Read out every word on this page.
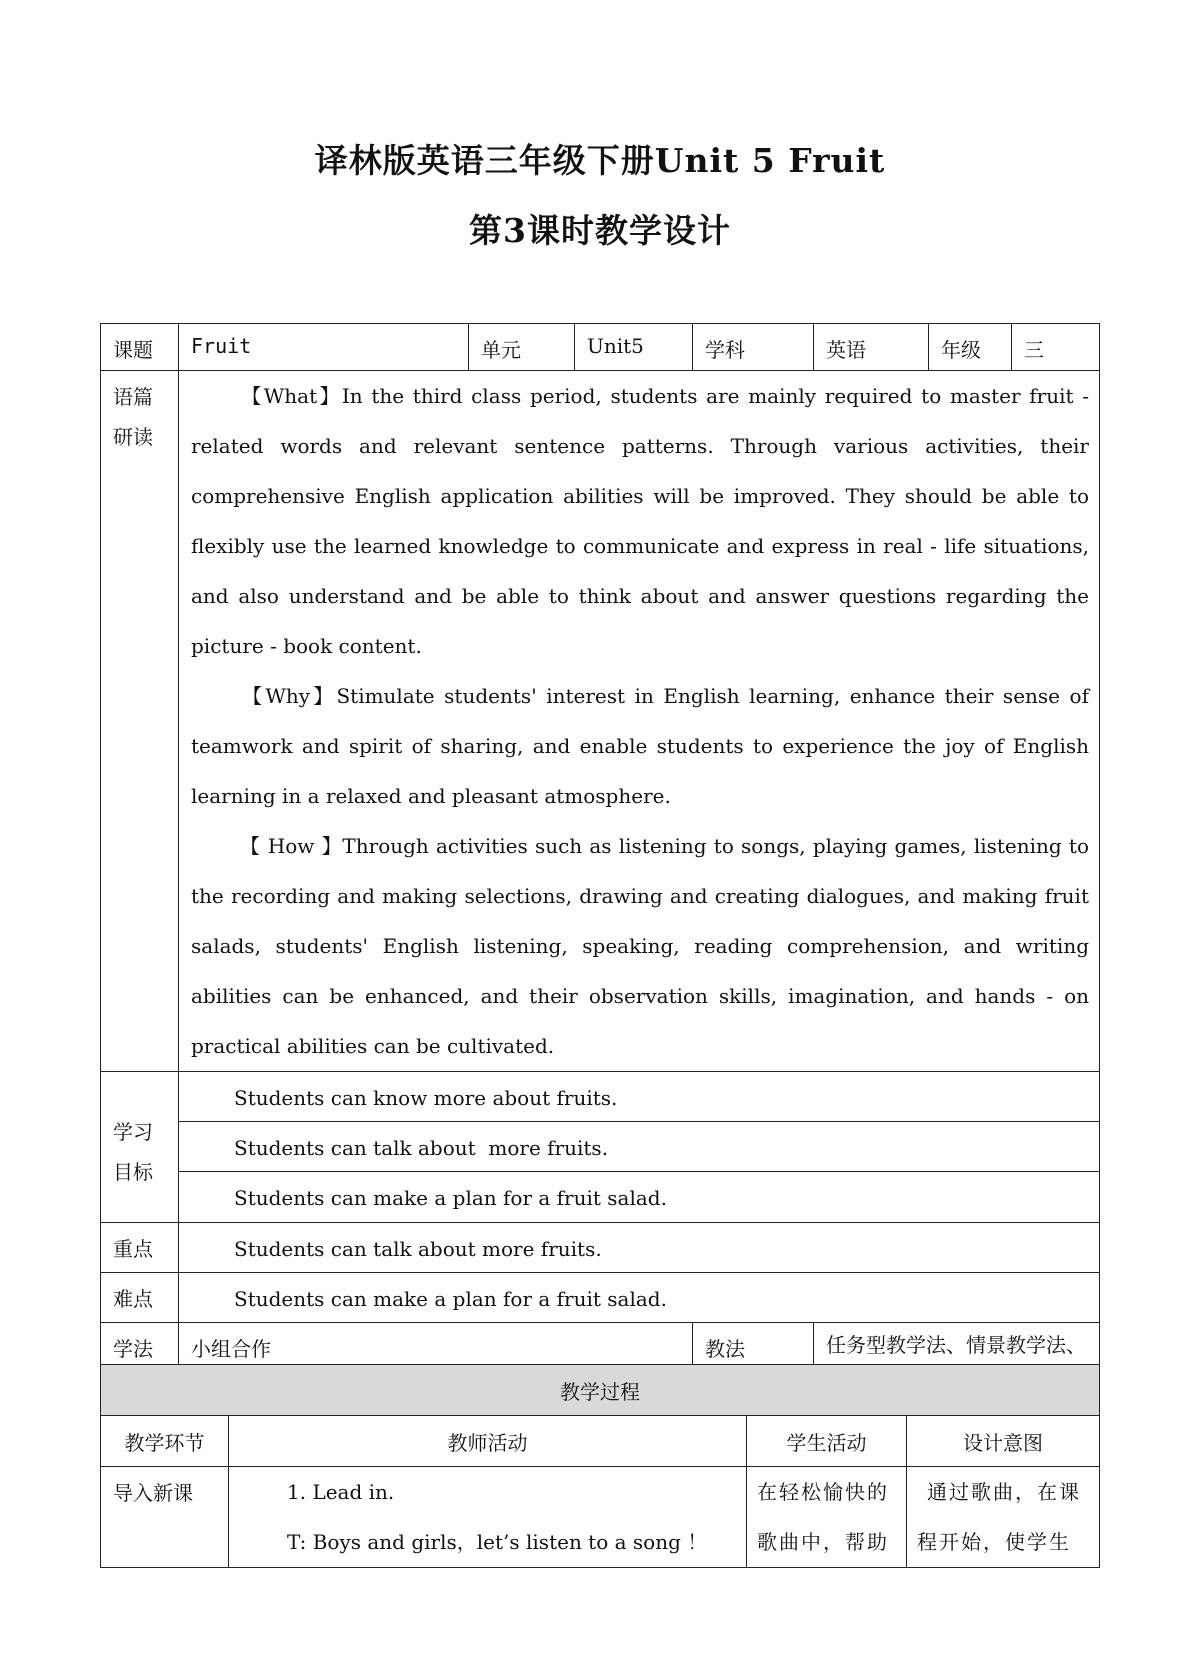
译林版英语三年级下册Unit 5 Fruit
第3课时教学设计
课题	Fruit	单元	Unit5	学科	英语	年级	三

语篇研读	【What】In the third class period, students are mainly required to master fruit - related words and relevant sentence patterns. Through various activities, their comprehensive English application abilities will be improved. They should be able to flexibly use the learned knowledge to communicate and express in real - life situations, and also understand and be able to think about and answer questions regarding the picture - book content.

【Why】Stimulate students' interest in English learning, enhance their sense of teamwork and spirit of sharing, and enable students to experience the joy of English learning in a relaxed and pleasant atmosphere.

【 How 】Through activities such as listening to songs, playing games, listening to the recording and making selections, drawing and creating dialogues, and making fruit salads, students' English listening, speaking, reading comprehension, and writing abilities can be enhanced, and their observation skills, imagination, and hands - on practical abilities can be cultivated.						

学习目标	Students can know more about fruits.
Students can talk about  more fruits.
Students can make a plan for a fruit salad.						

重点	Students can talk about more fruits.						
难点	Students can make a plan for a fruit salad.						
学法	小组合作			教法	任务型教学法、情景教学法、		
教学过程			
教学环节	教师活动	学生活动	设计意图
导入新课	1. Lead in.
T: Boys and girls，let’s listen to a song ！	在轻松愉快的歌曲中，帮助	通过歌曲，在课程开始，使学生
